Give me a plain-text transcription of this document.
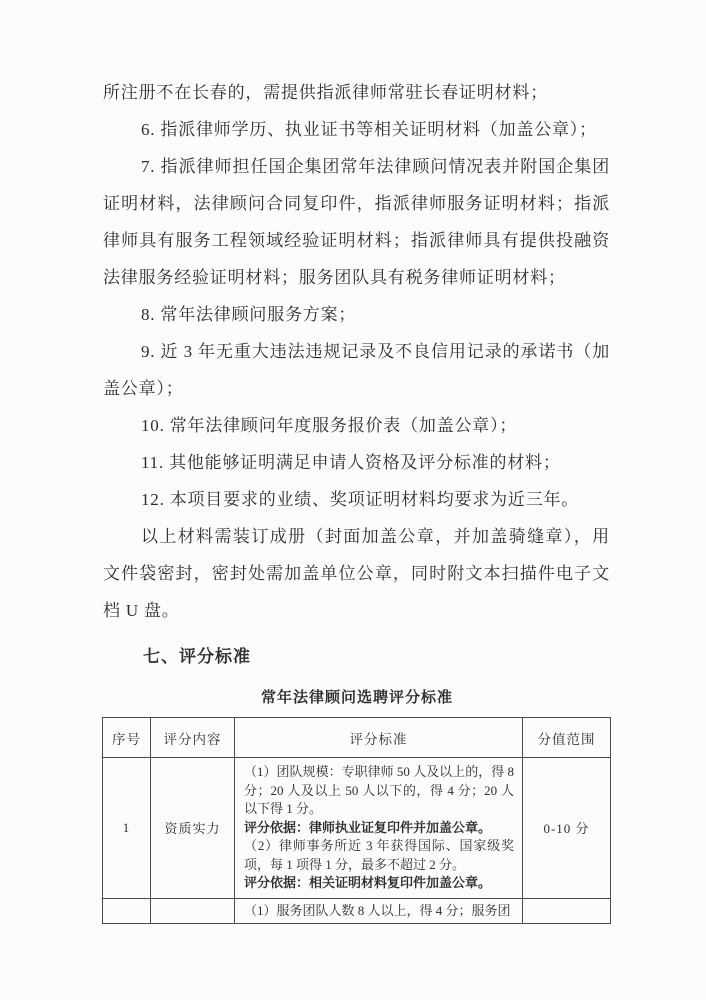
所注册不在长春的，需提供指派律师常驻长春证明材料；

6. 指派律师学历、执业证书等相关证明材料（加盖公章）；

7. 指派律师担任国企集团常年法律顾问情况表并附国企集团证明材料，法律顾问合同复印件，指派律师服务证明材料；指派律师具有服务工程领域经验证明材料；指派律师具有提供投融资法律服务经验证明材料；服务团队具有税务律师证明材料；

8. 常年法律顾问服务方案；

9. 近 3 年无重大违法违规记录及不良信用记录的承诺书（加盖公章）；

10. 常年法律顾问年度服务报价表（加盖公章）；

11. 其他能够证明满足申请人资格及评分标准的材料；

12. 本项目要求的业绩、奖项证明材料均要求为近三年。

以上材料需装订成册（封面加盖公章，并加盖骑缝章），用文件袋密封，密封处需加盖单位公章，同时附文本扫描件电子文档 U 盘。

七、评分标准
常年法律顾问选聘评分标准
序号	评分内容	评分标准	分值范围
1	资质实力	（1）团队规模：专职律师 50 人及以上的，得 8 分；20 人及以上 50 人以下的，得 4 分；20 人以下得 1 分。
评分依据：律师执业证复印件并加盖公章。
（2）律师事务所近 3 年获得国际、国家级奖项，每 1 项得 1 分，最多不超过 2 分。
评分依据：相关证明材料复印件加盖公章。	0-10 分

		（1）服务团队人数 8 人以上，得 4 分；服务团	
